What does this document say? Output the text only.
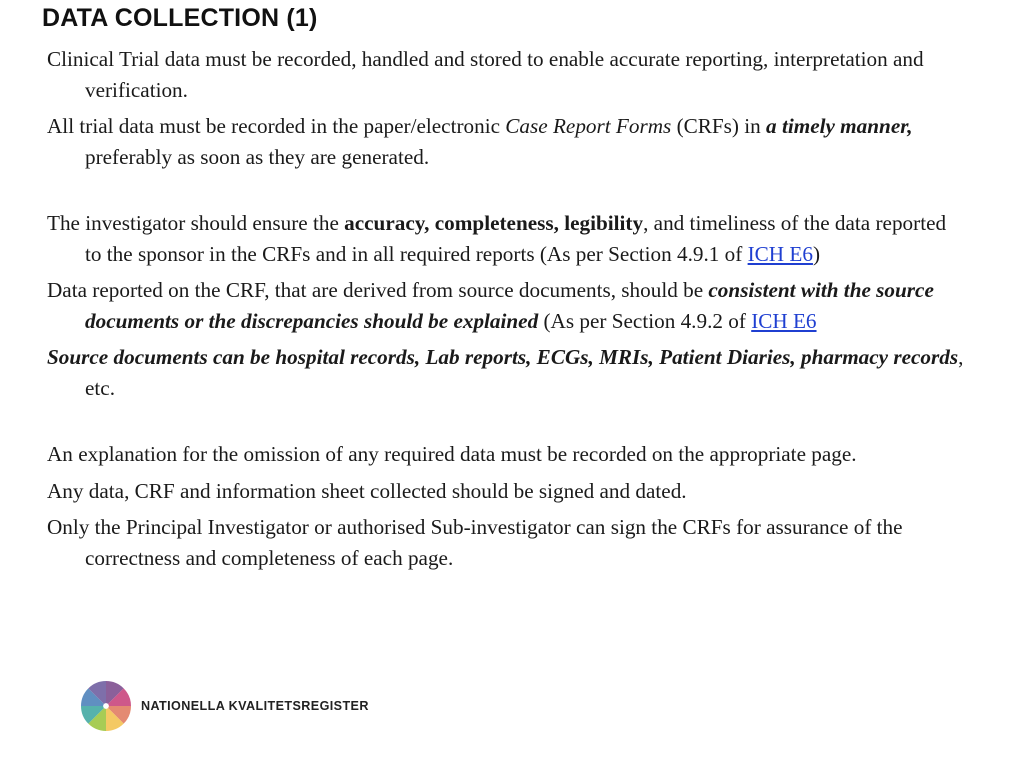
DATA COLLECTION (1)

Clinical Trial data must be recorded, handled and stored to enable accurate reporting, interpretation and verification.

All trial data must be recorded in the paper/electronic Case Report Forms (CRFs) in a timely manner, preferably as soon as they are generated.

The investigator should ensure the accuracy, completeness, legibility, and timeliness of the data reported to the sponsor in the CRFs and in all required reports (As per Section 4.9.1 of ICH E6)

Data reported on the CRF, that are derived from source documents, should be consistent with the source documents or the discrepancies should be explained (As per Section 4.9.2 of ICH E6

Source documents can be hospital records, Lab reports, ECGs, MRIs, Patient Diaries, pharmacy records, etc.

An explanation for the omission of any required data must be recorded on the appropriate page.

Any data, CRF and information sheet collected should be signed and dated.

Only the Principal Investigator or authorised Sub-investigator can sign the CRFs for assurance of the correctness and completeness of each page.

NATIONELLA KVALITETSREGISTER
